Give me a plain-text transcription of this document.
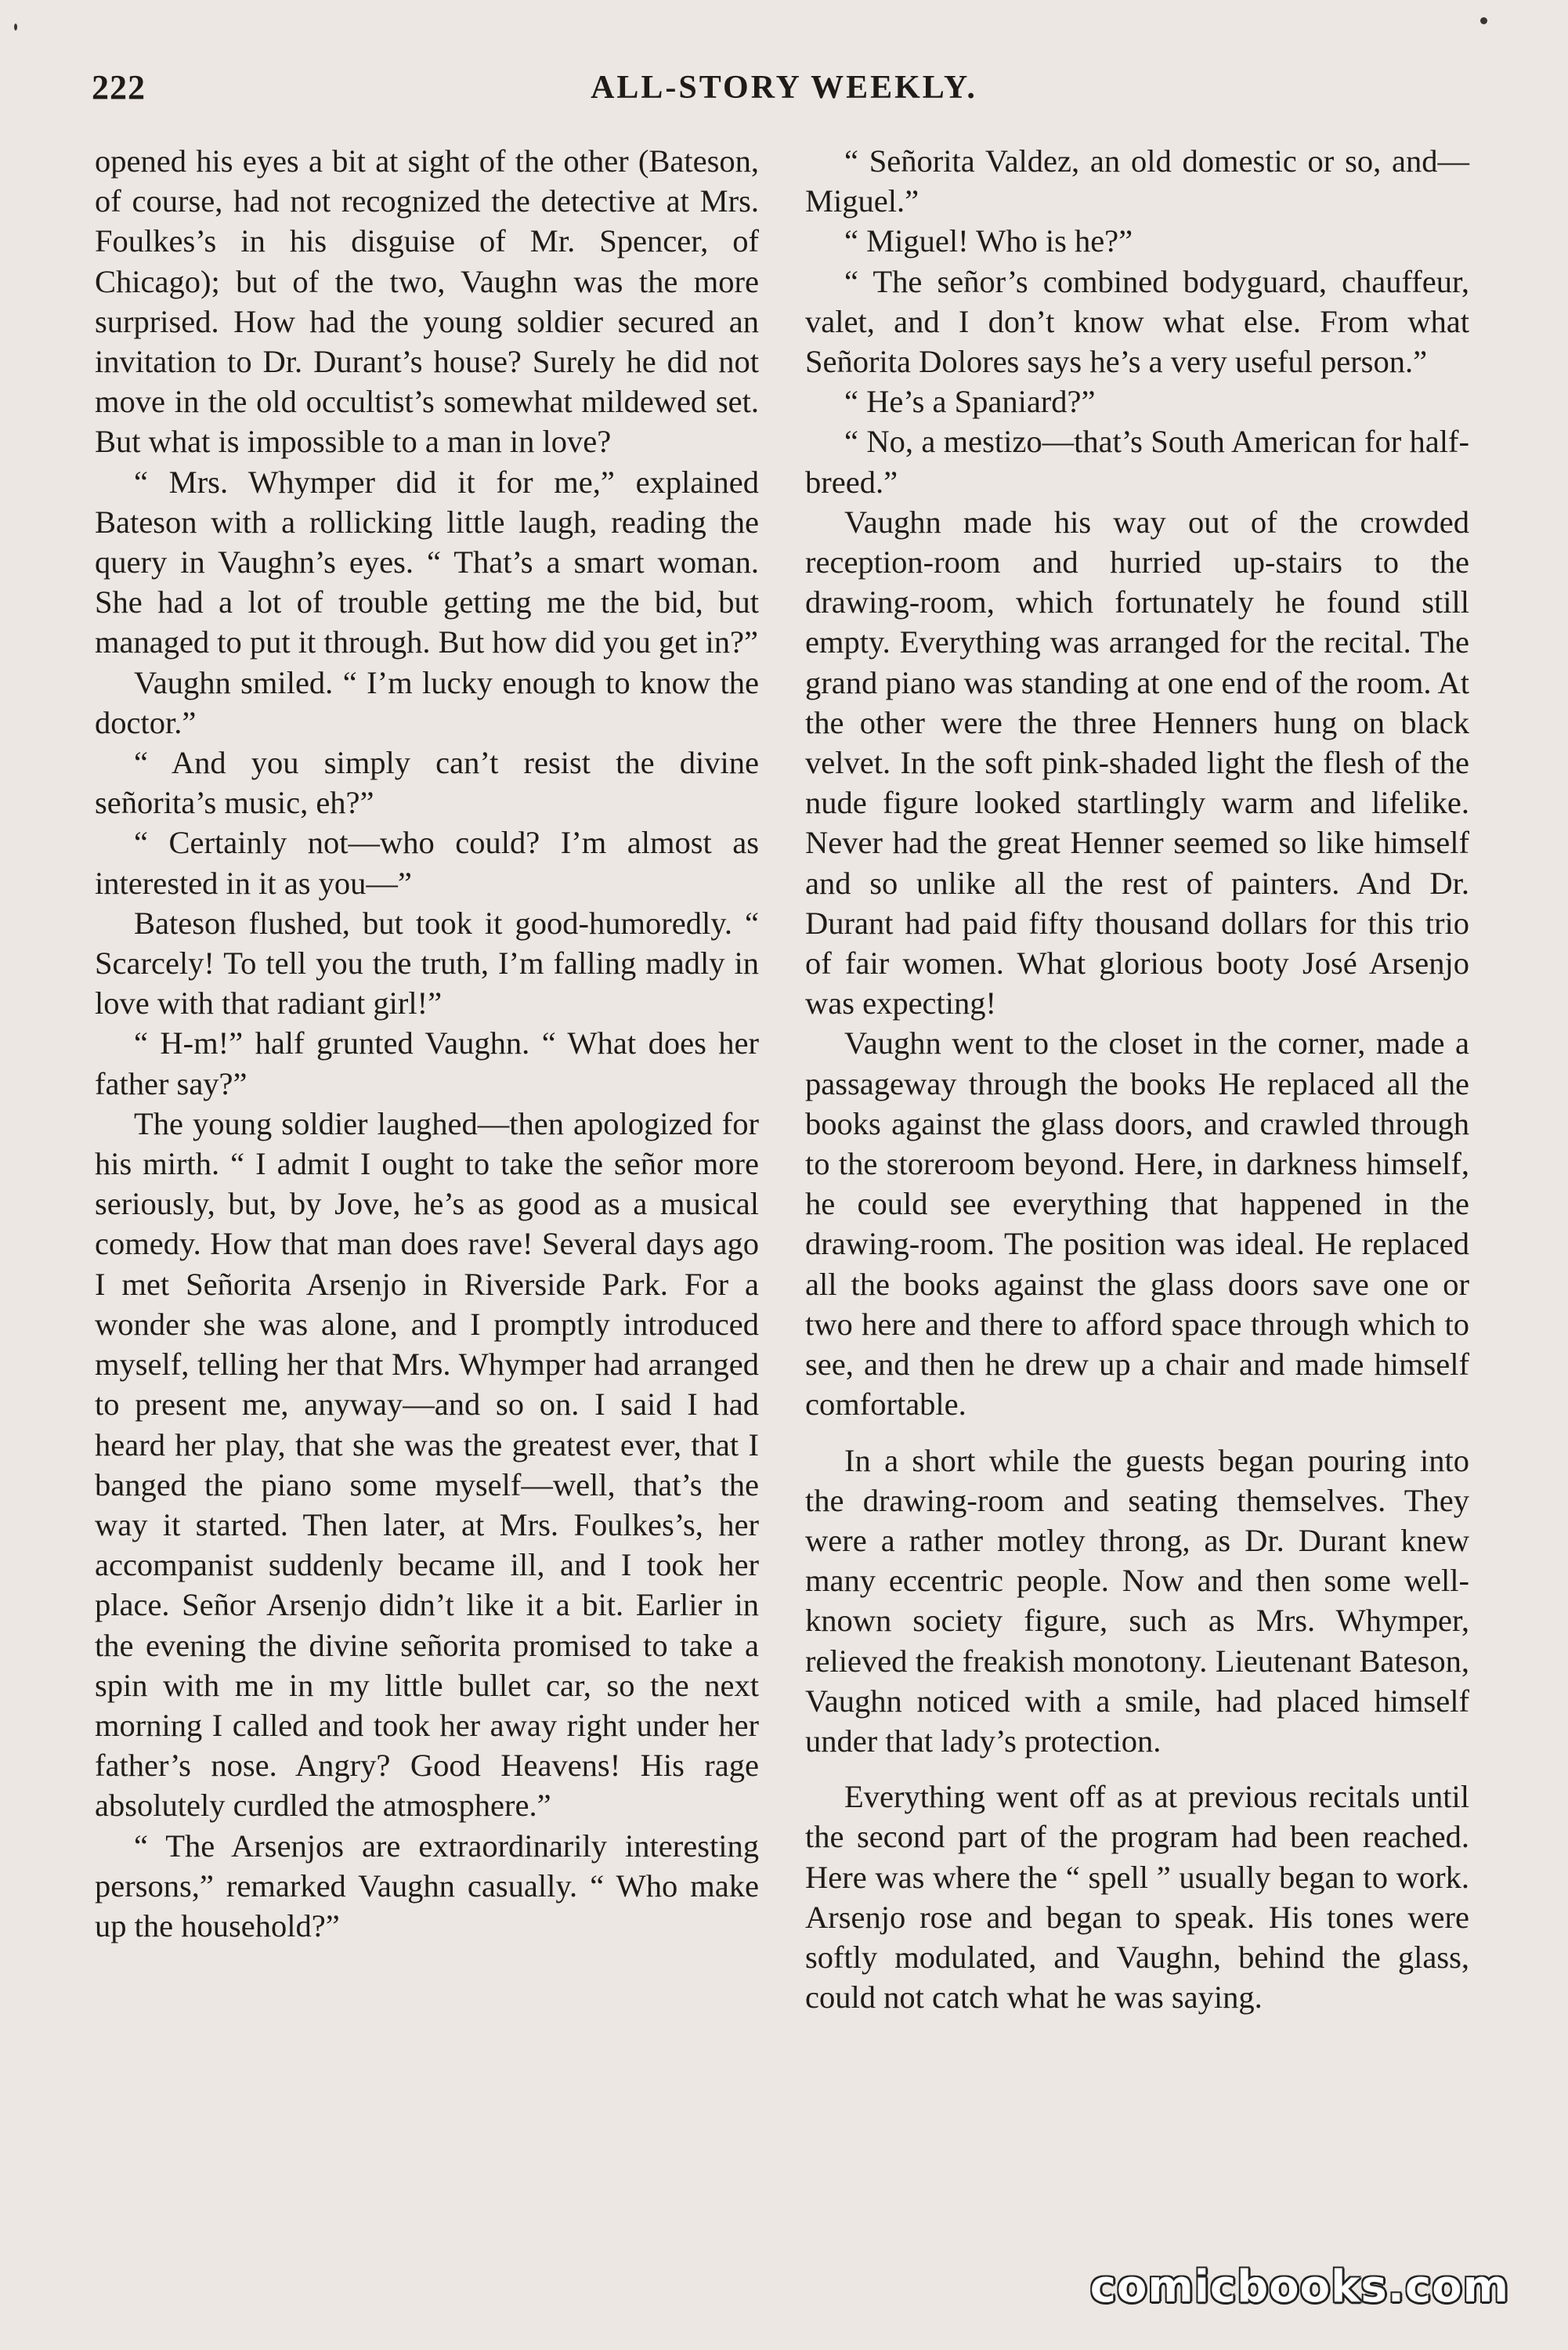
222	ALL-STORY WEEKLY.

opened his eyes a bit at sight of the other (Bateson, of course, had not recognized the detective at Mrs. Foulkes’s in his disguise of Mr. Spencer, of Chicago); but of the two, Vaughn was the more surprised. How had the young soldier secured an invitation to Dr. Durant’s house? Surely he did not move in the old occultist’s somewhat mildewed set. But what is impossible to a man in love?

“ Mrs. Whymper did it for me,” explained Bateson with a rollicking little laugh, reading the query in Vaughn’s eyes. “ That’s a smart woman. She had a lot of trouble getting me the bid, but managed to put it through. But how did you get in?”

Vaughn smiled. “ I’m lucky enough to know the doctor.”

“ And you simply can’t resist the divine señorita’s music, eh?”

“ Certainly not—who could? I’m almost as interested in it as you—”

Bateson flushed, but took it good-humoredly. “ Scarcely! To tell you the truth, I’m falling madly in love with that radiant girl!”

“ H-m!” half grunted Vaughn. “ What does her father say?”

The young soldier laughed—then apologized for his mirth. “ I admit I ought to take the señor more seriously, but, by Jove, he’s as good as a musical comedy. How that man does rave! Several days ago I met Señorita Arsenjo in Riverside Park. For a wonder she was alone, and I promptly introduced myself, telling her that Mrs. Whymper had arranged to present me, anyway—and so on. I said I had heard her play, that she was the greatest ever, that I banged the piano some myself—well, that’s the way it started. Then later, at Mrs. Foulkes’s, her accompanist suddenly became ill, and I took her place. Señor Arsenjo didn’t like it a bit. Earlier in the evening the divine señorita promised to take a spin with me in my little bullet car, so the next morning I called and took her away right under her father’s nose. Angry? Good Heavens! His rage absolutely curdled the atmosphere.”

“ The Arsenjos are extraordinarily interesting persons,” remarked Vaughn casually. “ Who make up the household?”

“ Señorita Valdez, an old domestic or so, and—Miguel.”

“ Miguel! Who is he?”

“ The señor’s combined bodyguard, chauffeur, valet, and I don’t know what else. From what Señorita Dolores says he’s a very useful person.”

“ He’s a Spaniard?”

“ No, a mestizo—that’s South American for half-breed.”

Vaughn made his way out of the crowded reception-room and hurried up-stairs to the drawing-room, which fortunately he found still empty. Everything was arranged for the recital. The grand piano was standing at one end of the room. At the other were the three Henners hung on black velvet. In the soft pink-shaded light the flesh of the nude figure looked startlingly warm and lifelike. Never had the great Henner seemed so like himself and so unlike all the rest of painters. And Dr. Durant had paid fifty thousand dollars for this trio of fair women. What glorious booty José Arsenjo was expecting!

Vaughn went to the closet in the corner, made a passageway through the books He replaced all the books against the glass doors, and crawled through to the storeroom beyond. Here, in darkness himself, he could see everything that happened in the drawing-room. The position was ideal. He replaced all the books against the glass doors save one or two here and there to afford space through which to see, and then he drew up a chair and made himself comfortable.

In a short while the guests began pouring into the drawing-room and seating themselves. They were a rather motley throng, as Dr. Durant knew many eccentric people. Now and then some well-known society figure, such as Mrs. Whymper, relieved the freakish monotony. Lieutenant Bateson, Vaughn noticed with a smile, had placed himself under that lady’s protection.

Everything went off as at previous recitals until the second part of the program had been reached. Here was where the “ spell ” usually began to work. Arsenjo rose and began to speak. His tones were softly modulated, and Vaughn, behind the glass, could not catch what he was saying.

comicbooks.com
